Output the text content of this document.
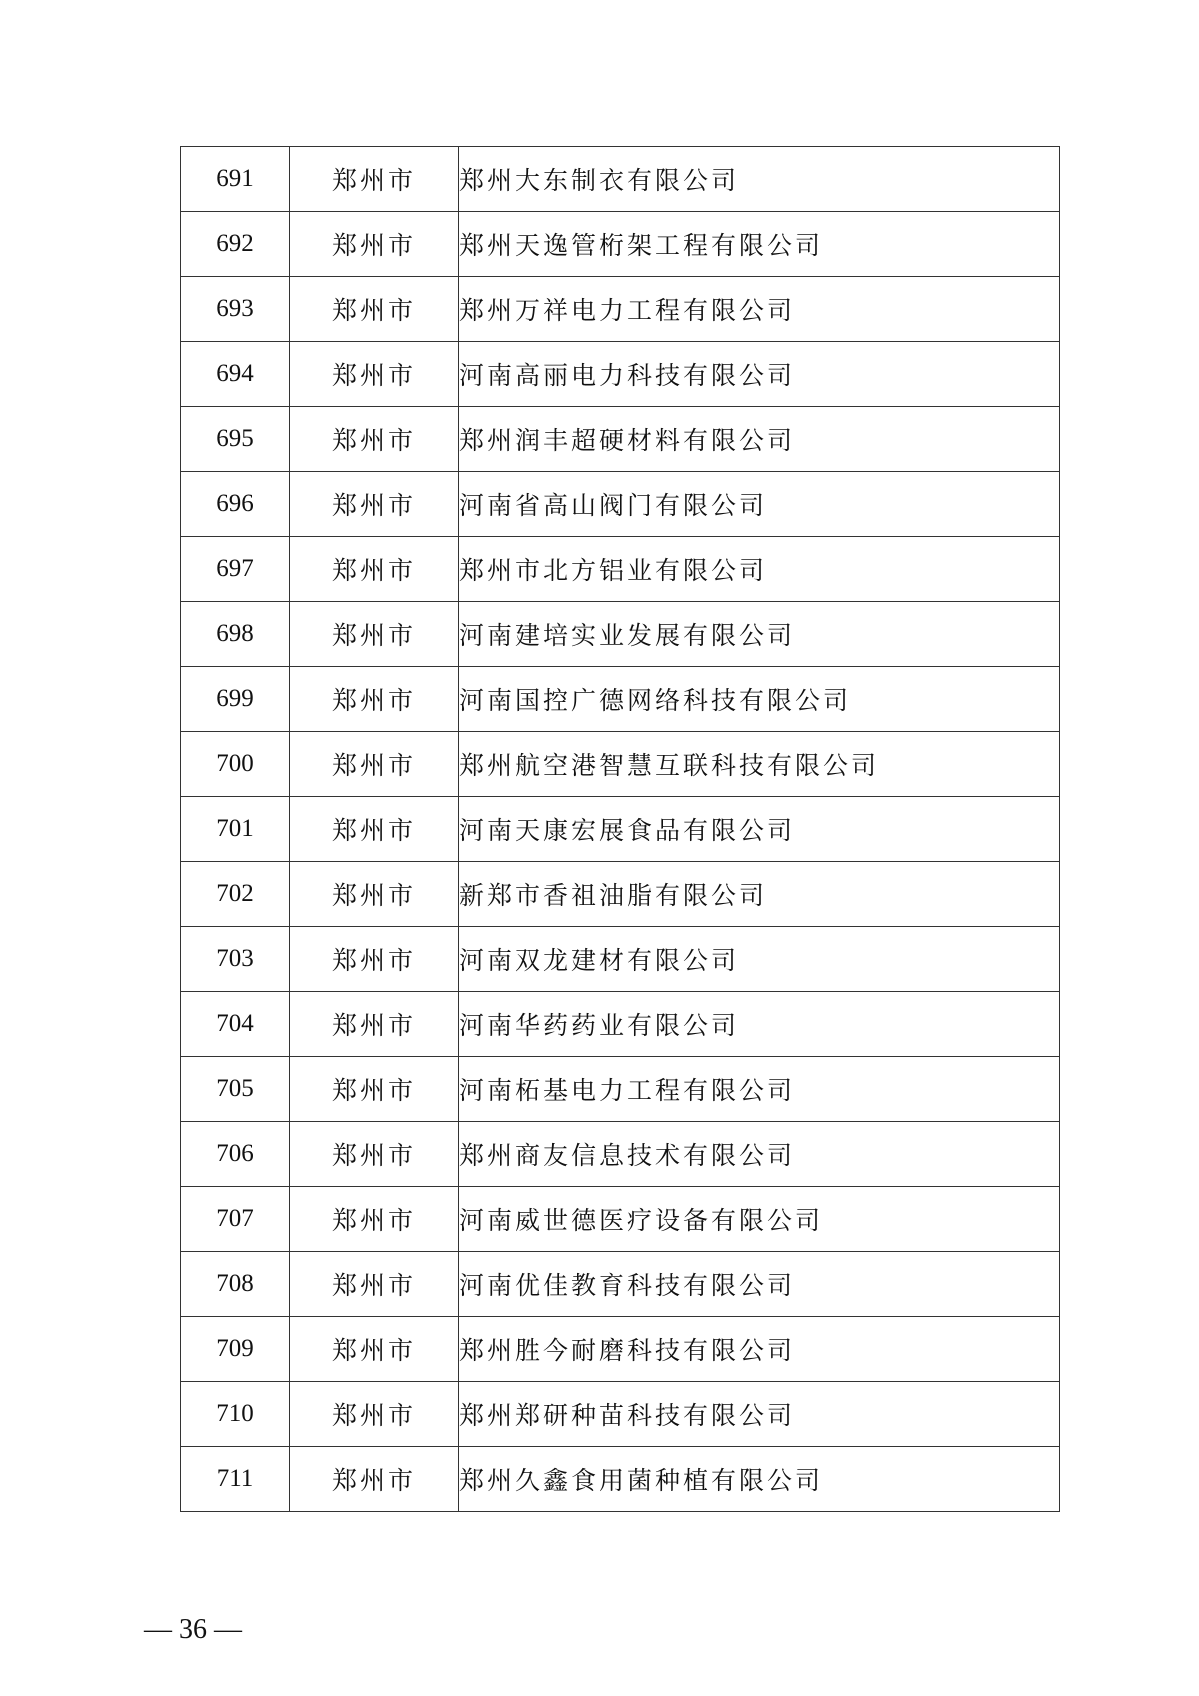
691	郑州市	郑州大东制衣有限公司
692	郑州市	郑州天逸管桁架工程有限公司
693	郑州市	郑州万祥电力工程有限公司
694	郑州市	河南高丽电力科技有限公司
695	郑州市	郑州润丰超硬材料有限公司
696	郑州市	河南省高山阀门有限公司
697	郑州市	郑州市北方铝业有限公司
698	郑州市	河南建培实业发展有限公司
699	郑州市	河南国控广德网络科技有限公司
700	郑州市	郑州航空港智慧互联科技有限公司
701	郑州市	河南天康宏展食品有限公司
702	郑州市	新郑市香祖油脂有限公司
703	郑州市	河南双龙建材有限公司
704	郑州市	河南华药药业有限公司
705	郑州市	河南柘基电力工程有限公司
706	郑州市	郑州商友信息技术有限公司
707	郑州市	河南威世德医疗设备有限公司
708	郑州市	河南优佳教育科技有限公司
709	郑州市	郑州胜今耐磨科技有限公司
710	郑州市	郑州郑研种苗科技有限公司
711	郑州市	郑州久鑫食用菌种植有限公司
— 36 —
